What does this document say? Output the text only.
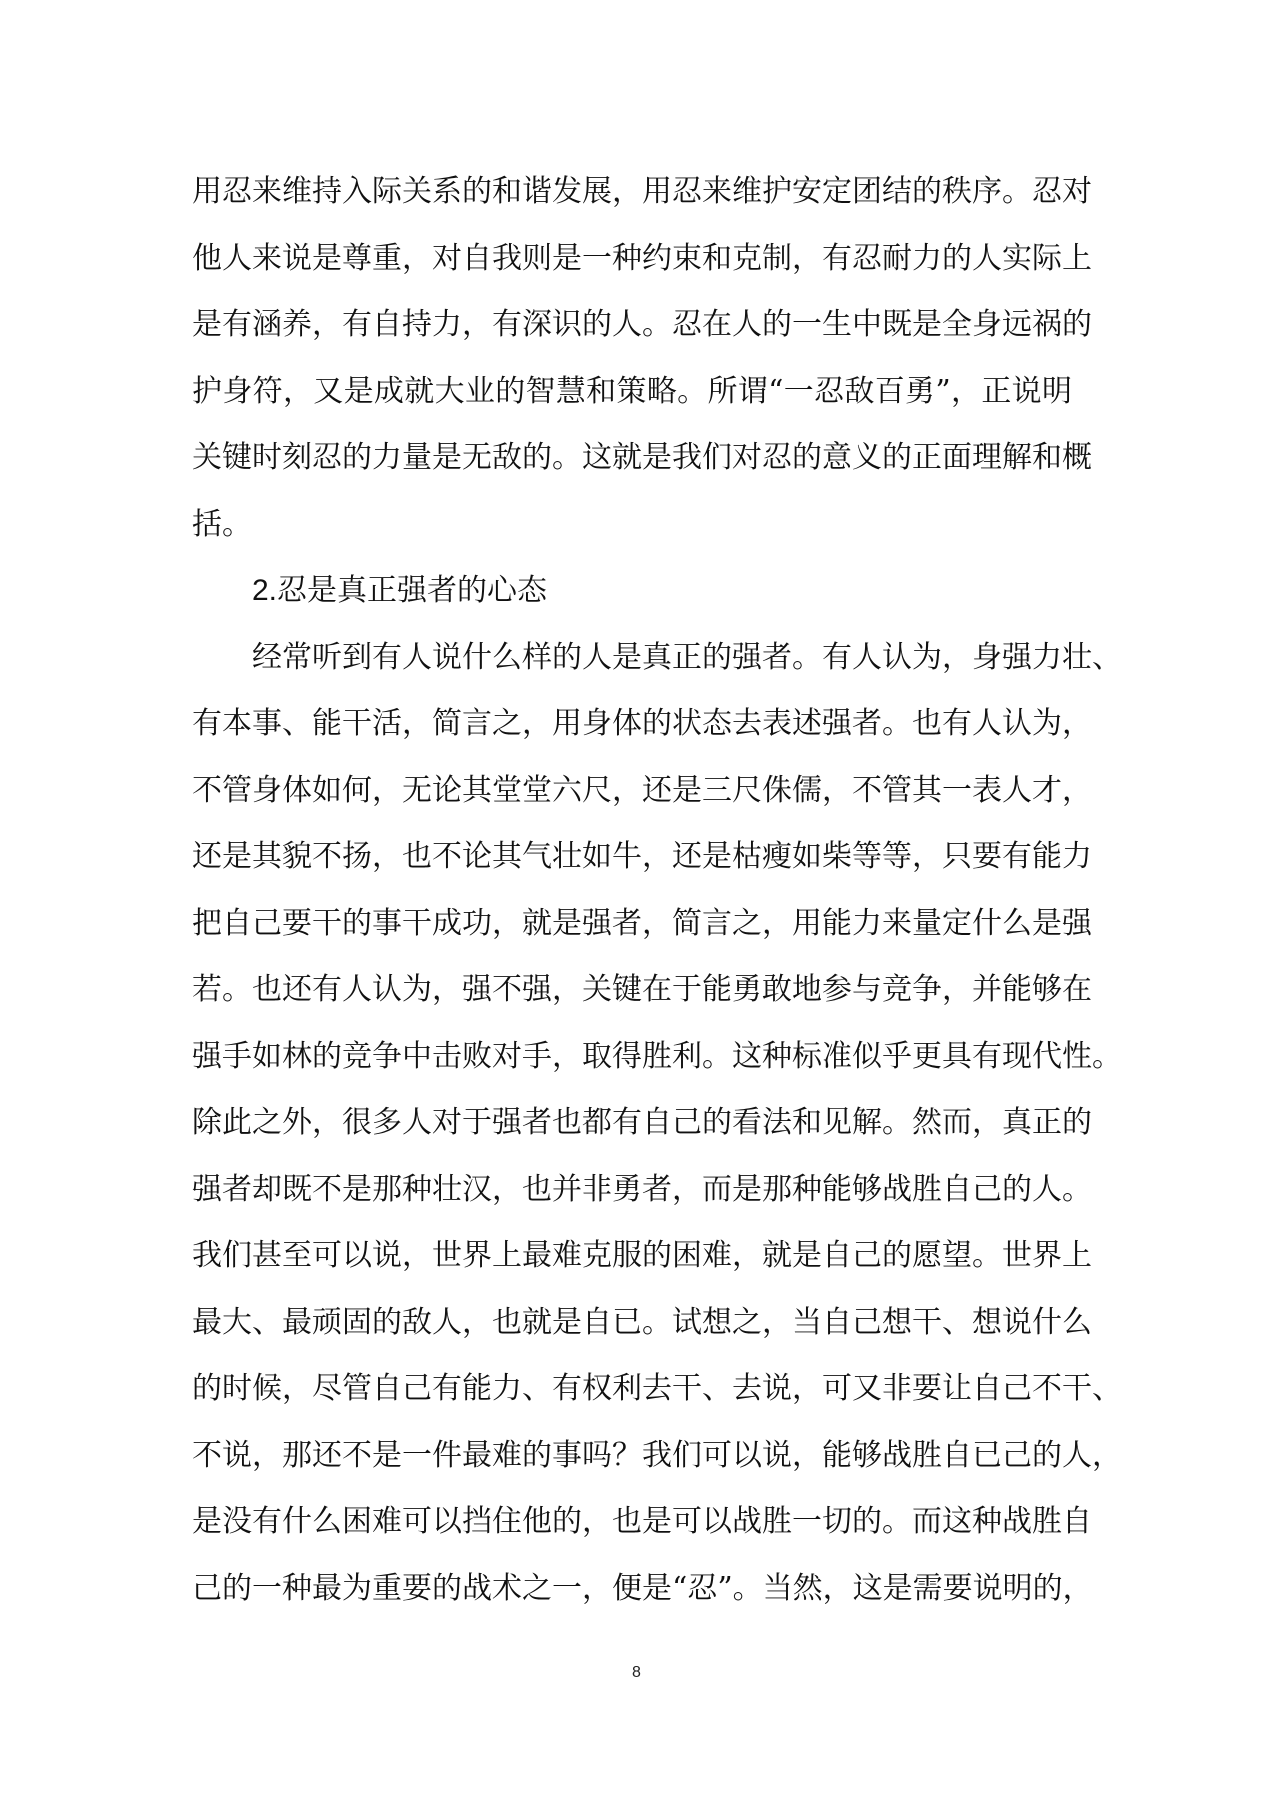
用忍来维持入际关系的和谐发展，用忍来维护安定团结的秩序。忍对
他人来说是尊重，对自我则是一种约束和克制，有忍耐力的人实际上
是有涵养，有自持力，有深识的人。忍在人的一生中既是全身远祸的
护身符，又是成就大业的智慧和策略。所谓“一忍敌百勇”，正说明
关键时刻忍的力量是无敌的。这就是我们对忍的意义的正面理解和概
括。
2.忍是真正强者的心态
经常听到有人说什么样的人是真正的强者。有人认为，身强力壮、
有本事、能干活，简言之，用身体的状态去表述强者。也有人认为，
不管身体如何，无论其堂堂六尺，还是三尺侏儒，不管其一表人才，
还是其貌不扬，也不论其气壮如牛，还是枯瘦如柴等等，只要有能力
把自己要干的事干成功，就是强者，简言之，用能力来量定什么是强
若。也还有人认为，强不强，关键在于能勇敢地参与竞争，并能够在
强手如林的竞争中击败对手，取得胜利。这种标准似乎更具有现代性。
除此之外，很多人对于强者也都有自己的看法和见解。然而，真正的
强者却既不是那种壮汉，也并非勇者，而是那种能够战胜自己的人。
我们甚至可以说，世界上最难克服的困难，就是自己的愿望。世界上
最大、最顽固的敌人，也就是自已。试想之，当自己想干、想说什么
的时候，尽管自己有能力、有权利去干、去说，可又非要让自己不干、
不说，那还不是一件最难的事吗？我们可以说，能够战胜自已己的人，
是没有什么困难可以挡住他的，也是可以战胜一切的。而这种战胜自
己的一种最为重要的战术之一，便是“忍”。当然，这是需要说明的，
8
